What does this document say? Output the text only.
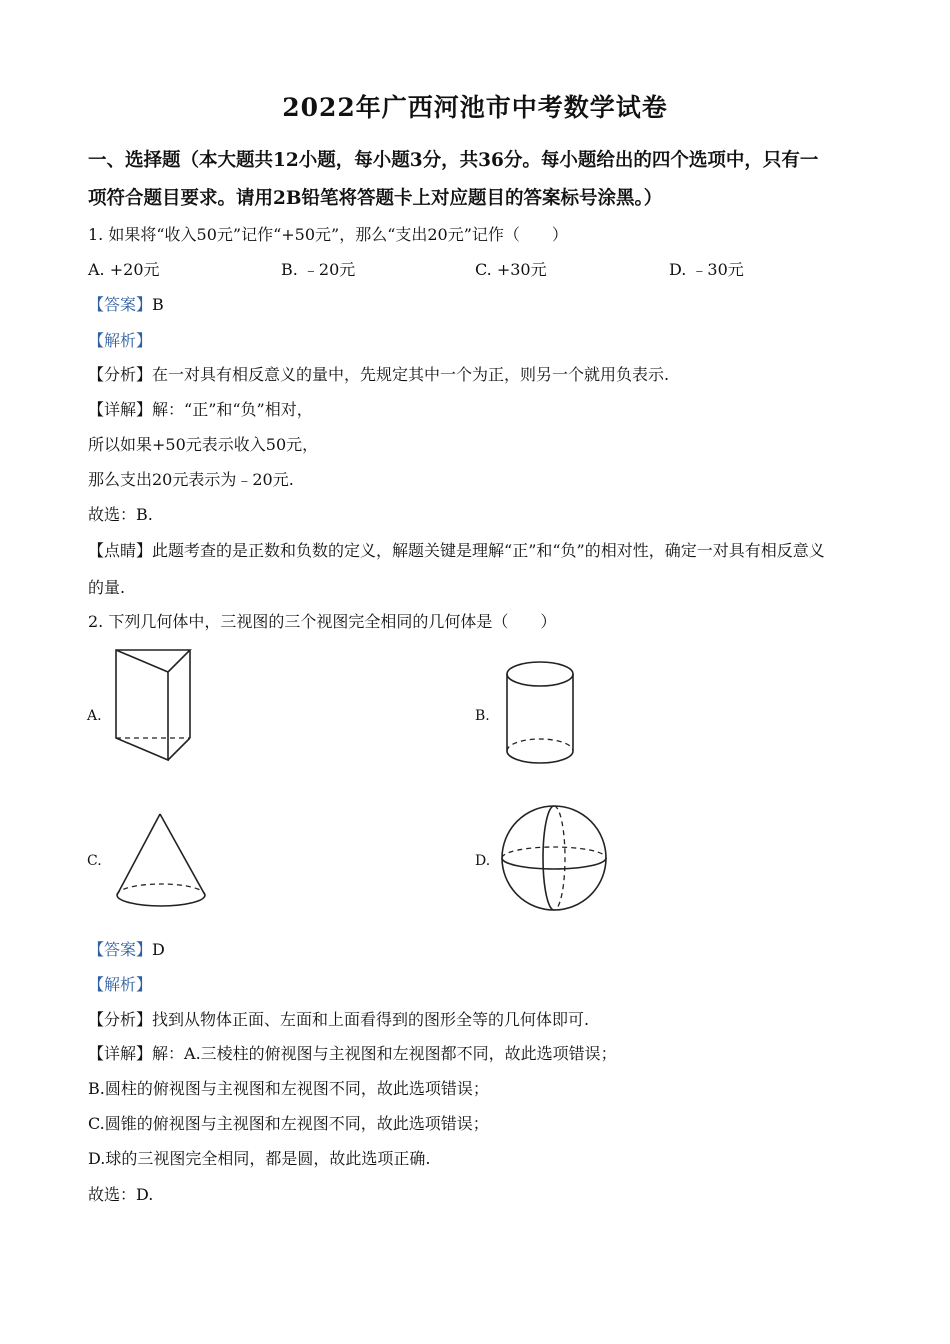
2022年广西河池市中考数学试卷
一、选择题（本大题共12小题，每小题3分，共36分。每小题给出的四个选项中，只有一
项符合题目要求。请用2B铅笔将答题卡上对应题目的答案标号涂黑。）
1. 如果将“收入50元”记作“+50元”，那么“支出20元”记作（　　）
A. +20元	B. ﹣20元	C. +30元	D. ﹣30元
【答案】B
【解析】
【分析】在一对具有相反意义的量中，先规定其中一个为正，则另一个就用负表示.
【详解】解：“正”和“负”相对，
所以如果+50元表示收入50元，
那么支出20元表示为﹣20元.
故选：B.
【点睛】此题考查的是正数和负数的定义，解题关键是理解“正”和“负”的相对性，确定一对具有相反意义
的量.
2. 下列几何体中，三视图的三个视图完全相同的几何体是（　　）
A.	B.
C.	D.
【答案】D
【解析】
【分析】找到从物体正面、左面和上面看得到的图形全等的几何体即可.
【详解】解：A.三棱柱的俯视图与主视图和左视图都不同，故此选项错误；
B.圆柱的俯视图与主视图和左视图不同，故此选项错误；
C.圆锥的俯视图与主视图和左视图不同，故此选项错误；
D.球的三视图完全相同，都是圆，故此选项正确.
故选：D.
